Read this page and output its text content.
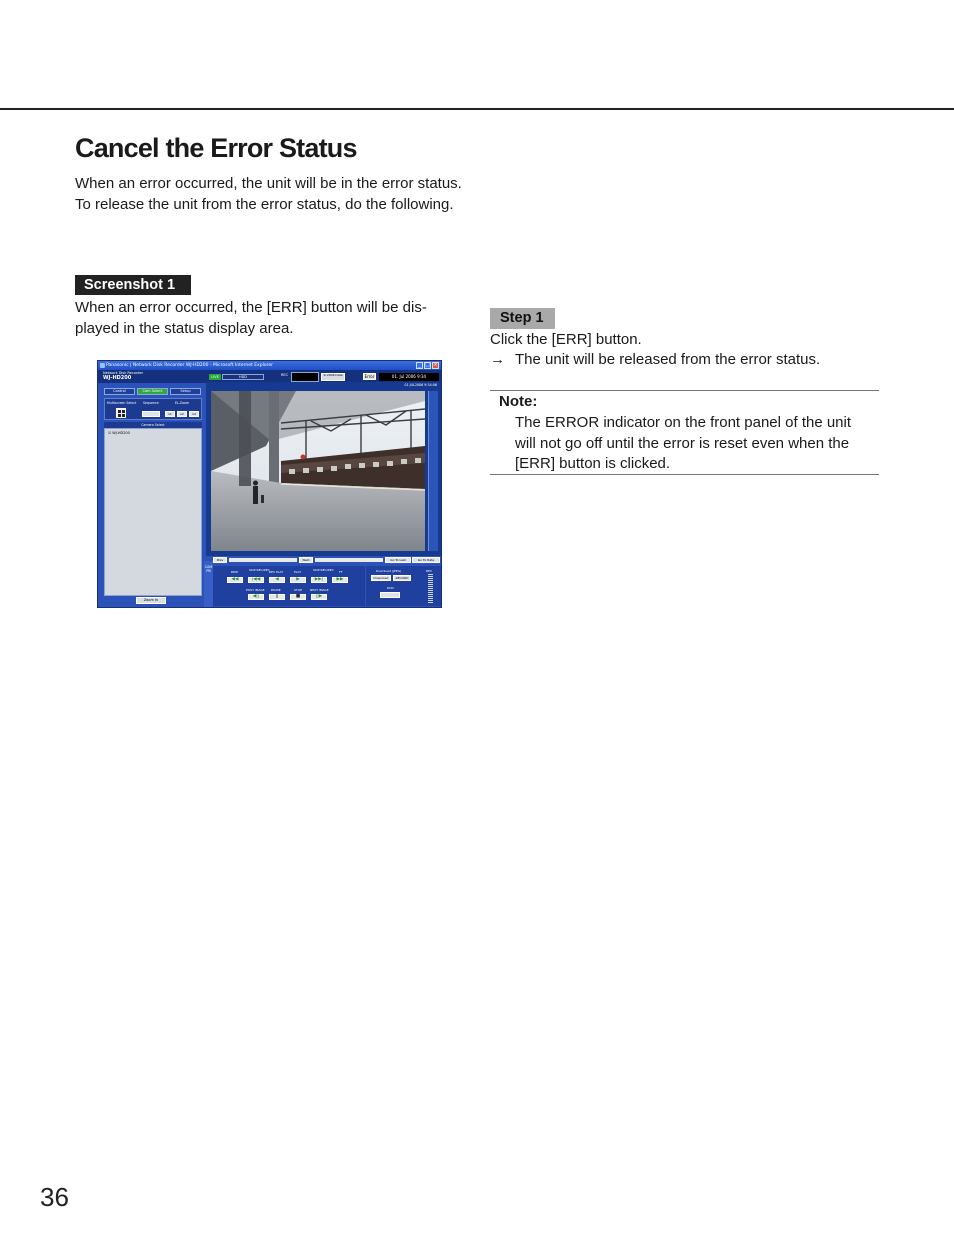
Cancel the Error Status

When an error occurred, the unit will be in the error status.

To release the unit from the error status, do the following.

Screenshot 1

When an error occurred, the [ERR] button will be dis-played in the status display area.

Step 1

Click the [ERR] button.

→ The unit will be released from the error status.

Note:

The ERROR indicator on the front panel of the unit will not go off until the error is reset even when the [ERR] button is clicked.

Panasonic | Network Disk Recorder WJ-HD200 - Microsoft Internet Explorer	_ □ ×
Network Disk Recorder
WJ-HD200	LIVE	HDD	REC	≡ 2006 Date	Error	01. Jul 2006 9:34
Control	Cam Select	Setup
Multiscreen Select Sequence	EL-Zoom
x1	x2	x4
Camera Select
☑ WJ-HD200
Zoom In
01.JUL2006 9:34:06
CAM PB
Prev	Next	Go To Last	Go To Date
REW	SKIP REC/REC REV PLAY	PLAY	SKIP REC/REC FF
◀◀	|◀◀	◀	▶	▶▶|	▶▶
POST IMAGE PAUSE	STOP	NEXT IMAGE
◀||	||	■	||▶
Download (JPEG)	REC
Download	RECORD
DISC
36
